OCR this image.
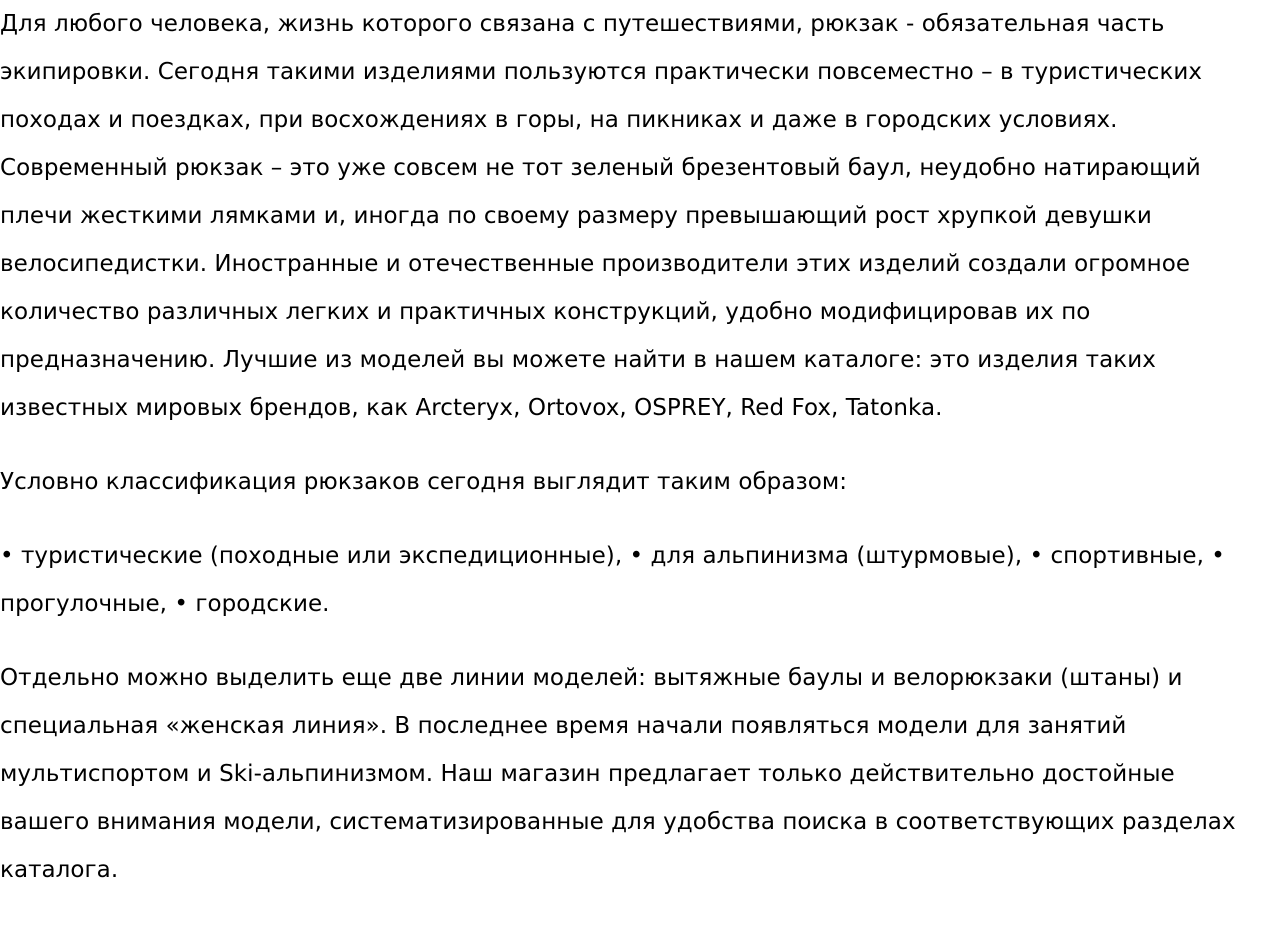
Для любого человека, жизнь которого связана с путешествиями, рюкзак - обязательная часть экипировки. Сегодня такими изделиями пользуются практически повсеместно – в туристических походах и поездках, при восхождениях в горы, на пикниках и даже в городских условиях. Современный рюкзак – это уже совсем не тот зеленый брезентовый баул, неудобно натирающий плечи жесткими лямками и, иногда по своему размеру превышающий рост хрупкой девушки велосипедистки. Иностранные и отечественные производители этих изделий создали огромное количество различных легких и практичных конструкций, удобно модифицировав их по предназначению. Лучшие из моделей вы можете найти в нашем каталоге: это изделия таких известных мировых брендов, как Arcteryx, Ortovox, OSPREY, Red Fox, Tatonka.

Условно классификация рюкзаков сегодня выглядит таким образом:

• туристические (походные или экспедиционные), • для альпинизма (штурмовые), • спортивные, • прогулочные, • городские.

Отдельно можно выделить еще две линии моделей: вытяжные баулы и велорюкзаки (штаны) и специальная «женская линия». В последнее время начали появляться модели для занятий мультиспортом и Ski-альпинизмом. Наш магазин предлагает только действительно достойные вашего внимания модели, систематизированные для удобства поиска в соответствующих разделах каталога.
